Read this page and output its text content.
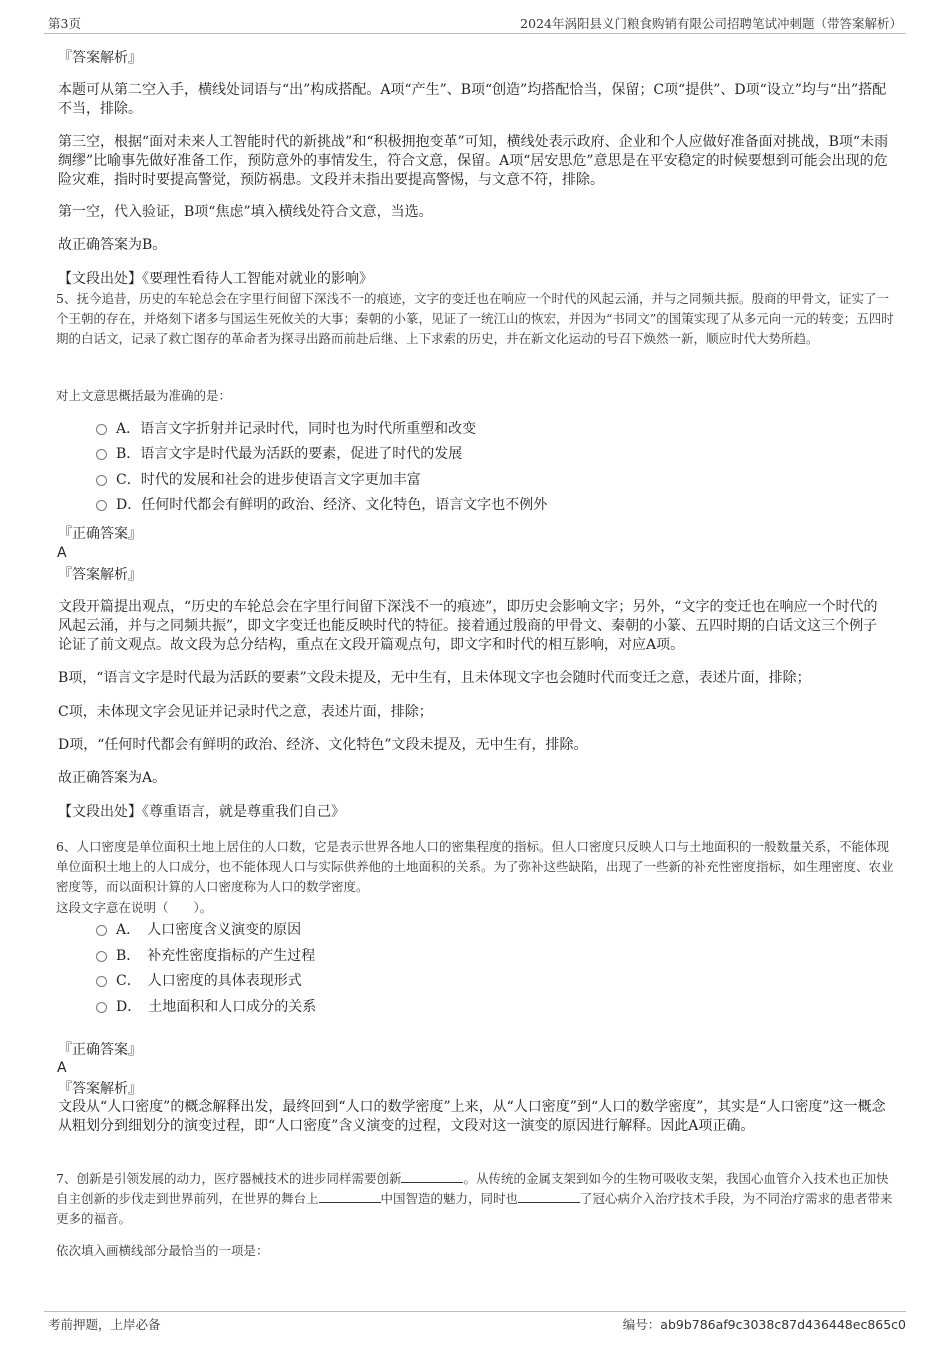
第3页	2024年涡阳县义门粮食购销有限公司招聘笔试冲刺题（带答案解析）
『答案解析』
本题可从第二空入手，横线处词语与“出”构成搭配。A项“产生”、B项“创造”均搭配恰当，保留；C项“提供”、D项“设立”均与“出”搭配不当，排除。
第三空，根据“面对未来人工智能时代的新挑战”和“积极拥抱变革”可知，横线处表示政府、企业和个人应做好准备面对挑战，B项“未雨绸缪”比喻事先做好准备工作，预防意外的事情发生，符合文意，保留。A项“居安思危”意思是在平安稳定的时候要想到可能会出现的危险灾难，指时时要提高警觉，预防祸患。文段并未指出要提高警惕，与文意不符，排除。
第一空，代入验证，B项“焦虑”填入横线处符合文意，当选。
故正确答案为B。
【文段出处】《要理性看待人工智能对就业的影响》
5、抚今追昔，历史的车轮总会在字里行间留下深浅不一的痕迹，文字的变迁也在响应一个时代的风起云涌，并与之同频共振。殷商的甲骨文，证实了一个王朝的存在，并烙刻下诸多与国运生死攸关的大事；秦朝的小篆，见证了一统江山的恢宏，并因为“书同文”的国策实现了从多元向一元的转变；五四时期的白话文，记录了救亡图存的革命者为探寻出路而前赴后继、上下求索的历史，并在新文化运动的号召下焕然一新，顺应时代大势所趋。
对上文意思概括最为准确的是：
A．语言文字折射并记录时代，同时也为时代所重塑和改变
B．语言文字是时代最为活跃的要素，促进了时代的发展
C．时代的发展和社会的进步使语言文字更加丰富
D．任何时代都会有鲜明的政治、经济、文化特色，语言文字也不例外
『正确答案』
A
『答案解析』
文段开篇提出观点，“历史的车轮总会在字里行间留下深浅不一的痕迹”，即历史会影响文字；另外，“文字的变迁也在响应一个时代的风起云涌，并与之同频共振”，即文字变迁也能反映时代的特征。接着通过殷商的甲骨文、秦朝的小篆、五四时期的白话文这三个例子论证了前文观点。故文段为总分结构，重点在文段开篇观点句，即文字和时代的相互影响，对应A项。
B项，“语言文字是时代最为活跃的要素”文段未提及，无中生有，且未体现文字也会随时代而变迁之意，表述片面，排除；
C项，未体现文字会见证并记录时代之意，表述片面，排除；
D项，“任何时代都会有鲜明的政治、经济、文化特色”文段未提及，无中生有，排除。
故正确答案为A。
【文段出处】《尊重语言，就是尊重我们自己》
6、人口密度是单位面积土地上居住的人口数，它是表示世界各地人口的密集程度的指标。但人口密度只反映人口与土地面积的一般数量关系，不能体现单位面积土地上的人口成分，也不能体现人口与实际供养他的土地面积的关系。为了弥补这些缺陷，出现了一些新的补充性密度指标，如生理密度、农业密度等，而以面积计算的人口密度称为人口的数学密度。
这段文字意在说明（　　）。
A．　人口密度含义演变的原因
B．　补充性密度指标的产生过程
C．　人口密度的具体表现形式
D．　土地面积和人口成分的关系
『正确答案』
A
『答案解析』
文段从“人口密度”的概念解释出发，最终回到“人口的数学密度”上来，从“人口密度”到“人口的数学密度”，其实是“人口密度”这一概念从粗划分到细划分的演变过程，即“人口密度”含义演变的过程，文段对这一演变的原因进行解释。因此A项正确。
7、创新是引领发展的动力，医疗器械技术的进步同样需要创新	。从传统的金属支架到如今的生物可吸收支架，我国心血管介入技术也正加快自主创新的步伐走到世界前列，在世界的舞台上	中国智造的魅力，同时也	了冠心病介入治疗技术手段，为不同治疗需求的患者带来更多的福音。
依次填入画横线部分最恰当的一项是：
考前押题，上岸必备	编号：ab9b786af9c3038c87d436448ec865c0
